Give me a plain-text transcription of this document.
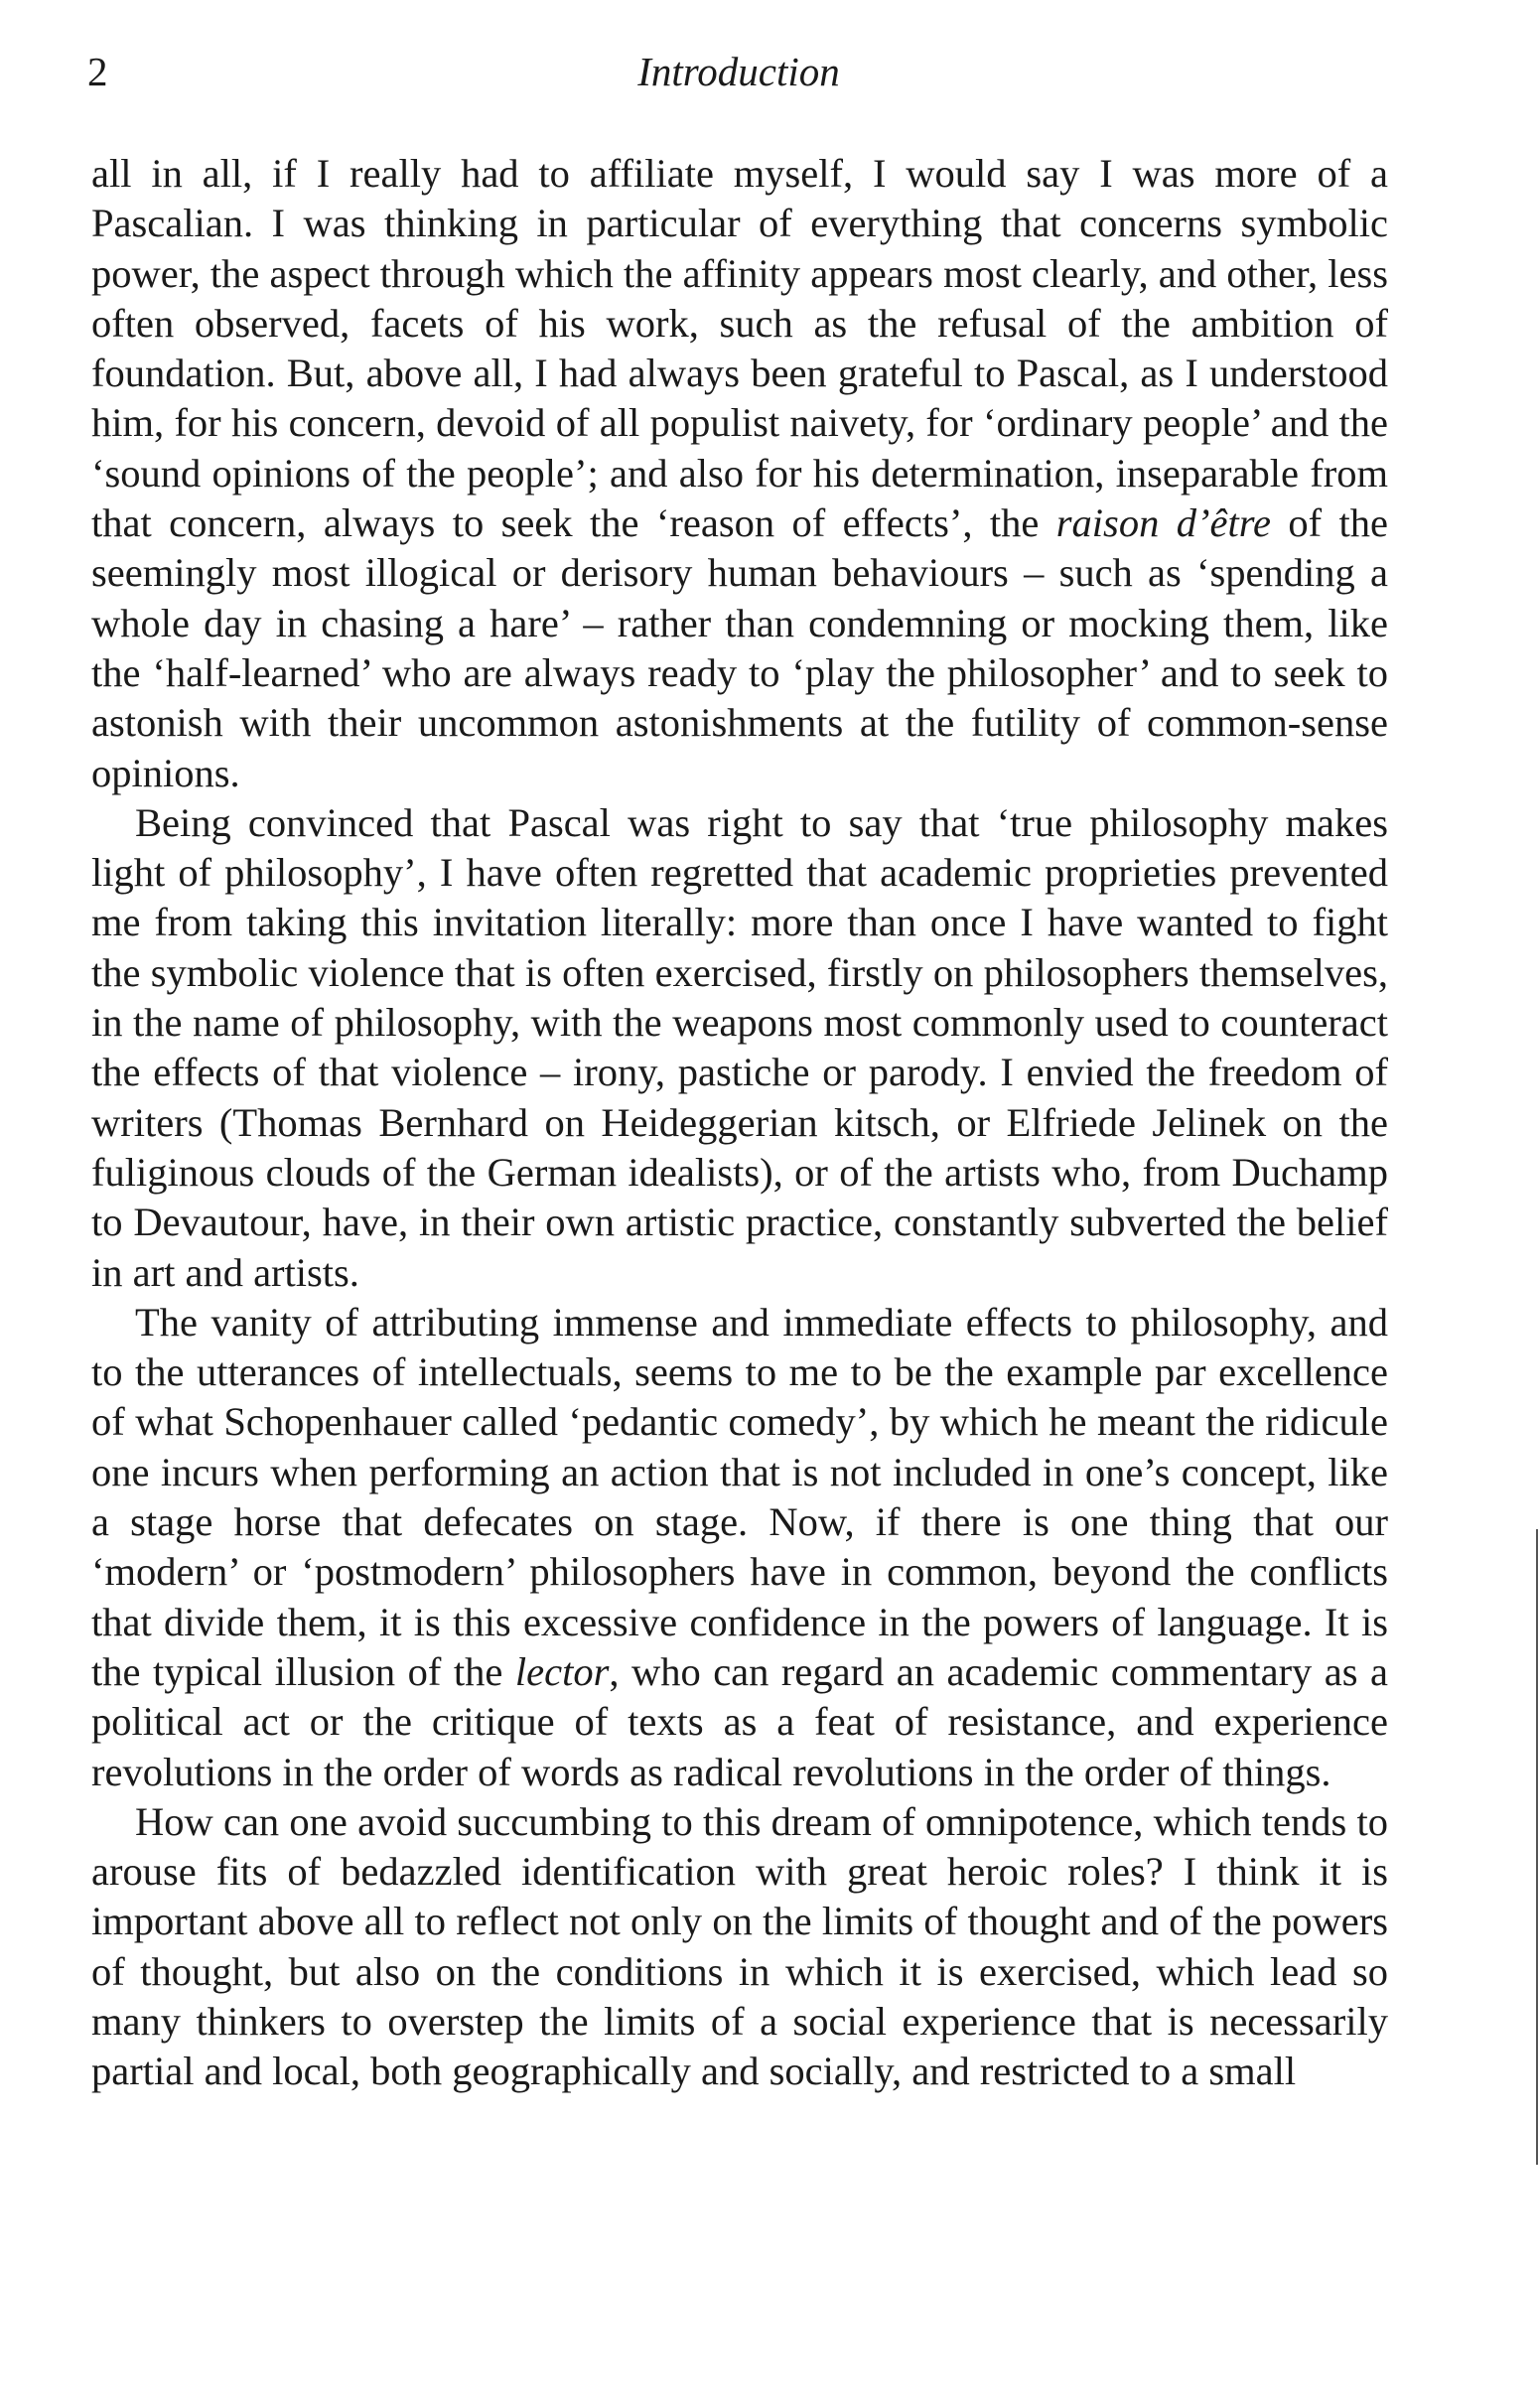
2	Introduction

all in all, if I really had to affiliate myself, I would say I was more of a Pascalian. I was thinking in particular of everything that concerns symbolic power, the aspect through which the affinity appears most clearly, and other, less often observed, facets of his work, such as the refusal of the ambition of foundation. But, above all, I had always been grateful to Pascal, as I understood him, for his concern, devoid of all populist naivety, for ‘ordinary people’ and the ‘sound opinions of the people’; and also for his determination, inseparable from that concern, always to seek the ‘reason of effects’, the raison d’être of the seemingly most illogical or derisory human behaviours – such as ‘spending a whole day in chasing a hare’ – rather than condemning or mocking them, like the ‘half-learned’ who are always ready to ‘play the philosopher’ and to seek to astonish with their uncommon astonishments at the futility of common-sense opinions.

Being convinced that Pascal was right to say that ‘true philosophy makes light of philosophy’, I have often regretted that academic proprieties prevented me from taking this invitation literally: more than once I have wanted to fight the symbolic violence that is often exercised, firstly on philosophers themselves, in the name of philosophy, with the weapons most commonly used to counteract the effects of that violence – irony, pastiche or parody. I envied the freedom of writers (Thomas Bernhard on Heideggerian kitsch, or Elfriede Jelinek on the fuliginous clouds of the German idealists), or of the artists who, from Duchamp to Devautour, have, in their own artistic practice, constantly subverted the belief in art and artists.

The vanity of attributing immense and immediate effects to philosophy, and to the utterances of intellectuals, seems to me to be the example par excellence of what Schopenhauer called ‘pedantic comedy’, by which he meant the ridicule one incurs when performing an action that is not included in one’s concept, like a stage horse that defecates on stage. Now, if there is one thing that our ‘modern’ or ‘postmodern’ philosophers have in common, beyond the conflicts that divide them, it is this excessive confidence in the powers of language. It is the typical illusion of the lector, who can regard an academic commentary as a political act or the critique of texts as a feat of resistance, and experience revolutions in the order of words as radical revolutions in the order of things.

How can one avoid succumbing to this dream of omnipotence, which tends to arouse fits of bedazzled identification with great heroic roles? I think it is important above all to reflect not only on the limits of thought and of the powers of thought, but also on the conditions in which it is exercised, which lead so many thinkers to overstep the limits of a social experience that is necessarily partial and local, both geographically and socially, and restricted to a small
